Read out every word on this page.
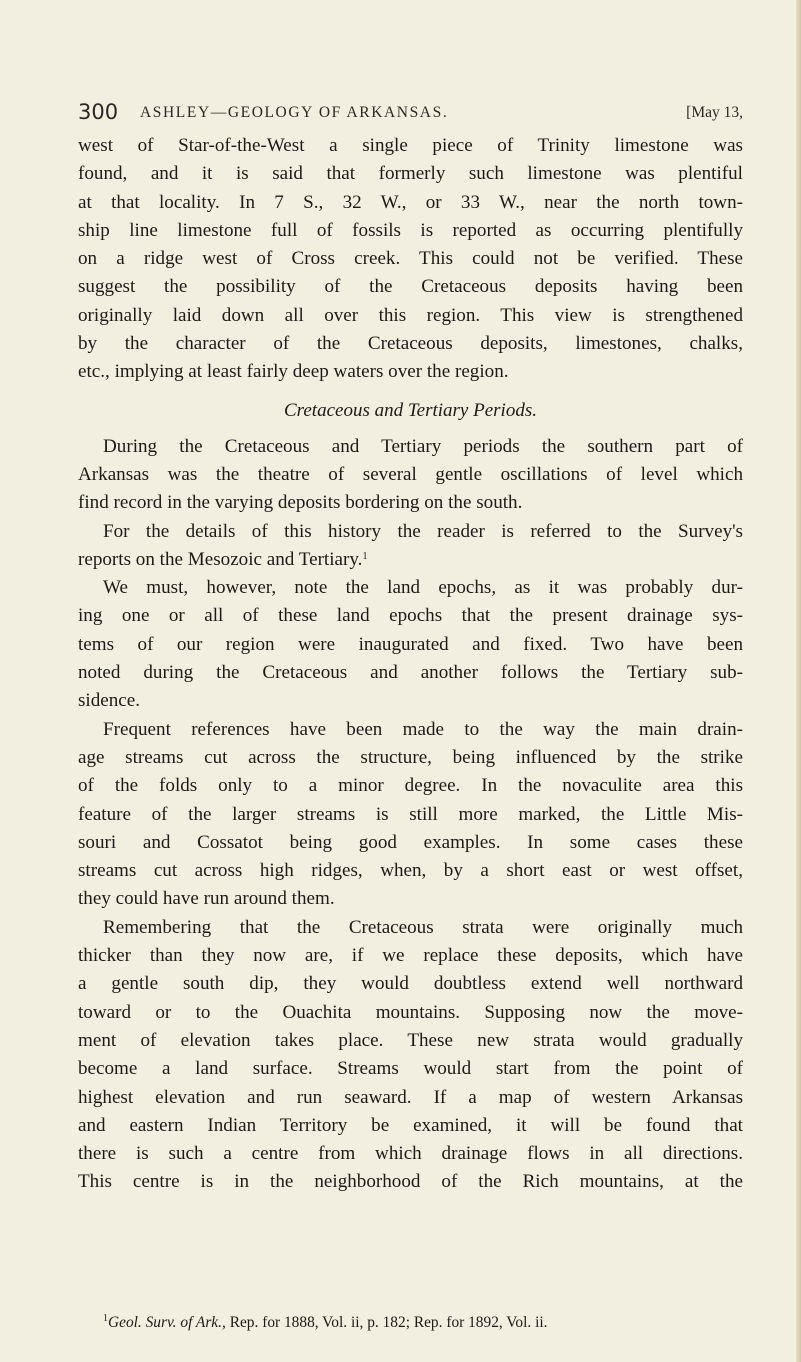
300 ASHLEY—GEOLOGY OF ARKANSAS.	[May 13,

west of Star-of-the-West a single piece of Trinity limestone was

found, and it is said that formerly such limestone was plentiful

at that locality. In 7 S., 32 W., or 33 W., near the north town-

ship line limestone full of fossils is reported as occurring plentifully

on a ridge west of Cross creek. This could not be verified. These

suggest the possibility of the Cretaceous deposits having been

originally laid down all over this region. This view is strengthened

by the character of the Cretaceous deposits, limestones, chalks,

etc., implying at least fairly deep waters over the region.

Cretaceous and Tertiary Periods.

During the Cretaceous and Tertiary periods the southern part of

Arkansas was the theatre of several gentle oscillations of level which

find record in the varying deposits bordering on the south.

For the details of this history the reader is referred to the Survey's

reports on the Mesozoic and Tertiary.$^1$

We must, however, note the land epochs, as it was probably dur-

ing one or all of these land epochs that the present drainage sys-

tems of our region were inaugurated and fixed. Two have been

noted during the Cretaceous and another follows the Tertiary sub-

sidence.

Frequent references have been made to the way the main drain-

age streams cut across the structure, being influenced by the strike

of the folds only to a minor degree. In the novaculite area this

feature of the larger streams is still more marked, the Little Mis-

souri and Cossatot being good examples. In some cases these

streams cut across high ridges, when, by a short east or west offset,

they could have run around them.

Remembering that the Cretaceous strata were originally much

thicker than they now are, if we replace these deposits, which have

a gentle south dip, they would doubtless extend well northward

toward or to the Ouachita mountains. Supposing now the move-

ment of elevation takes place. These new strata would gradually

become a land surface. Streams would start from the point of

highest elevation and run seaward. If a map of western Arkansas

and eastern Indian Territory be examined, it will be found that

there is such a centre from which drainage flows in all directions.

This centre is in the neighborhood of the Rich mountains, at the

$^1$Geol. Surv. of Ark., Rep. for 1888, Vol. ii, p. 182; Rep. for 1892, Vol. ii.
